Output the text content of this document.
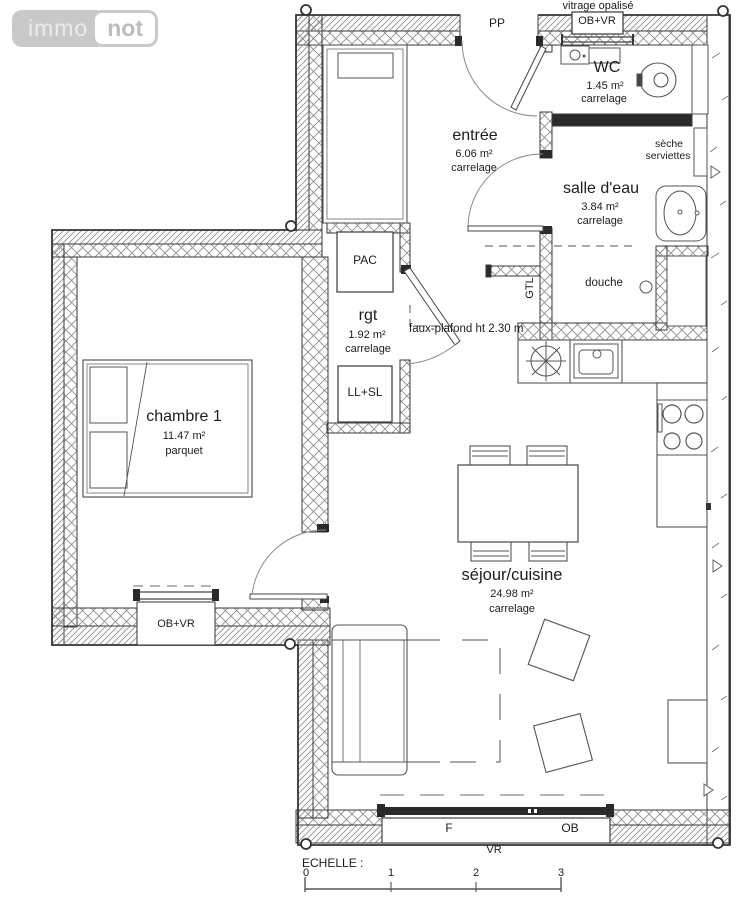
immo not
vitrage opalisé
OB+VR
PP
WC
1.45 m²
carrelage
sèche
serviettes
entrée
6.06 m²
carrelage
salle d'eau
3.84 m²
carrelage
PAC
douche
GTL
rgt
1.92 m²
carrelage
faux-plafond ht 2.30 m
LL+SL
chambre 1
11.47 m²
parquet
séjour/cuisine
24.98 m²
carrelage
OB+VR
F	OB
VR
ECHELLE :
0	1	2	3
